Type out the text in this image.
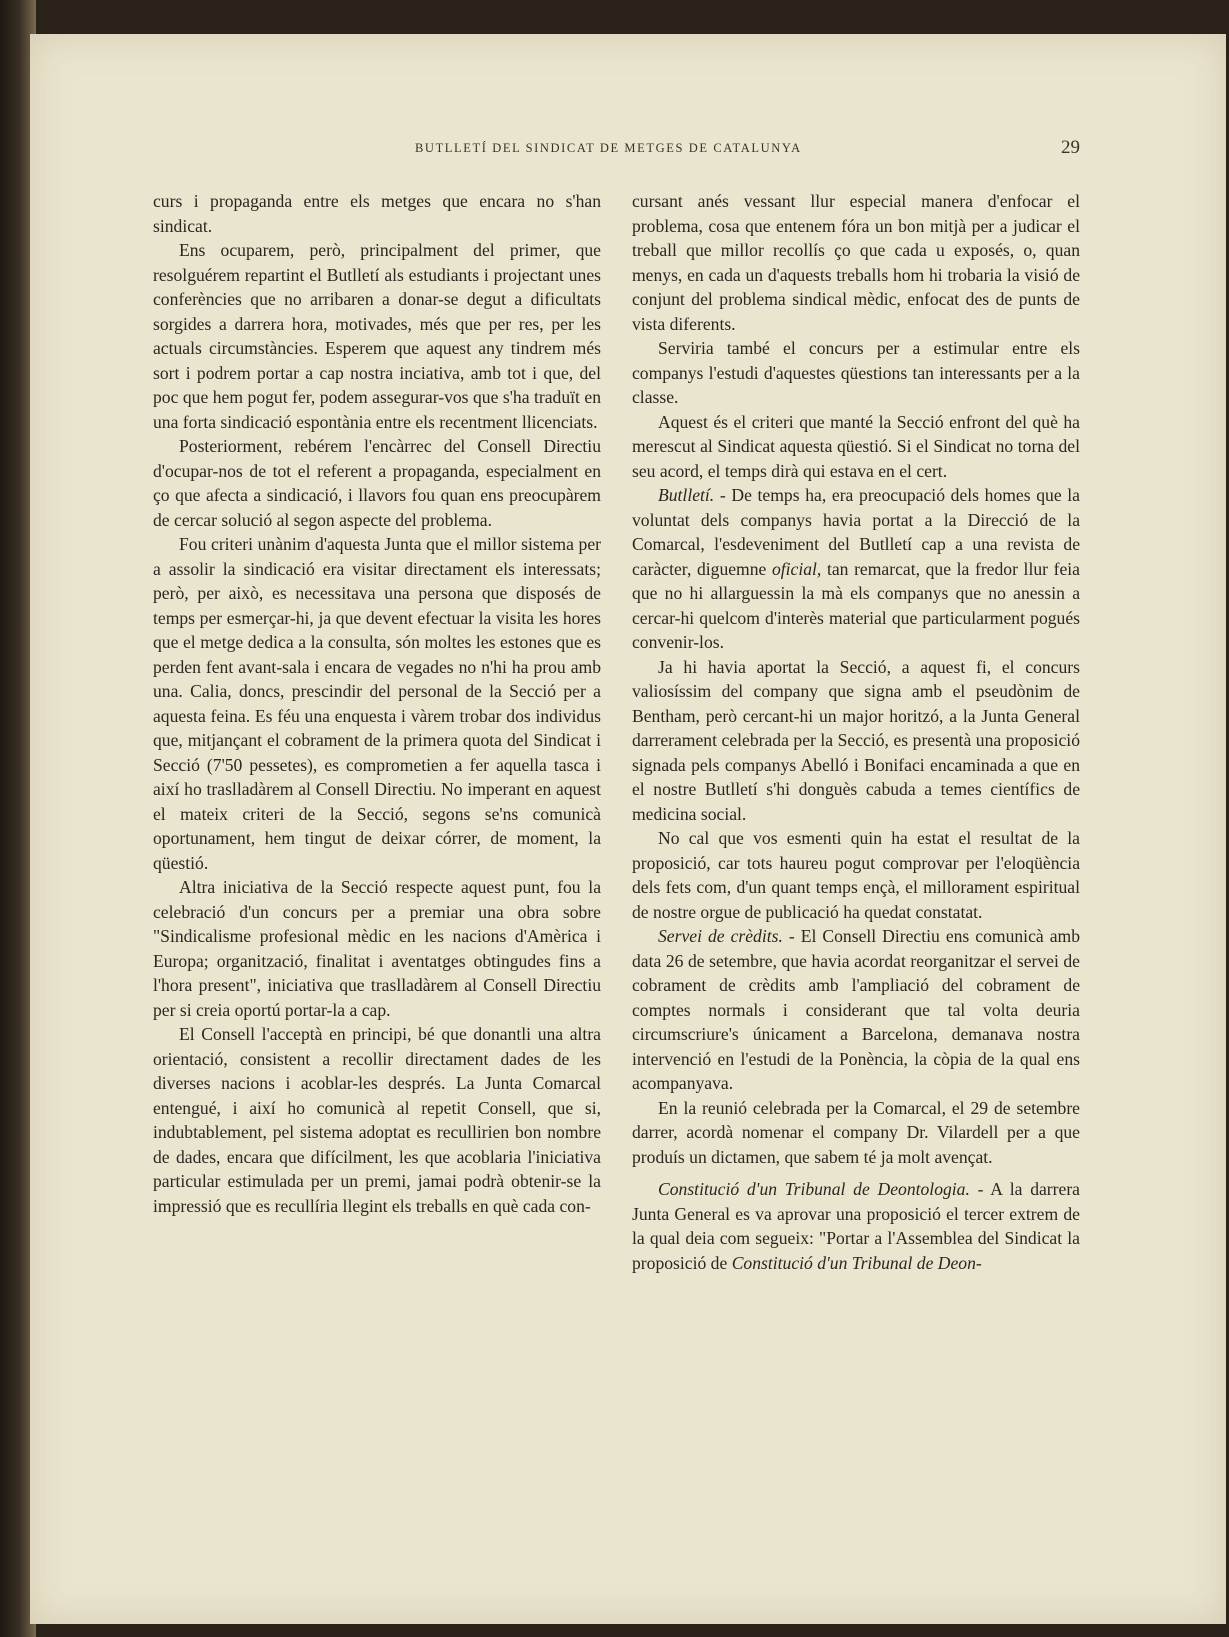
BUTLLETÍ DEL SINDICAT DE METGES DE CATALUNYA	29

curs i propaganda entre els metges que encara no s'han sindicat.

Ens ocuparem, però, principalment del primer, que resolguérem repartint el Butlletí als estudiants i projectant unes conferències que no arribaren a donar-se degut a dificultats sorgides a darrera hora, motivades, més que per res, per les actuals circumstàncies. Esperem que aquest any tindrem més sort i podrem portar a cap nostra inciativa, amb tot i que, del poc que hem pogut fer, podem assegurar-vos que s'ha traduït en una forta sindicació espontània entre els recentment llicenciats.

Posteriorment, rebérem l'encàrrec del Consell Directiu d'ocupar-nos de tot el referent a propaganda, especialment en ço que afecta a sindicació, i llavors fou quan ens preocupàrem de cercar solució al segon aspecte del problema.

Fou criteri unànim d'aquesta Junta que el millor sistema per a assolir la sindicació era visitar directament els interessats; però, per això, es necessitava una persona que disposés de temps per esmerçar-hi, ja que devent efectuar la visita les hores que el metge dedica a la consulta, són moltes les estones que es perden fent avant-sala i encara de vegades no n'hi ha prou amb una. Calia, doncs, prescindir del personal de la Secció per a aquesta feina. Es féu una enquesta i vàrem trobar dos individus que, mitjançant el cobrament de la primera quota del Sindicat i Secció (7'50 pessetes), es comprometien a fer aquella tasca i així ho traslladàrem al Consell Directiu. No imperant en aquest el mateix criteri de la Secció, segons se'ns comunicà oportunament, hem tingut de deixar córrer, de moment, la qüestió.

Altra iniciativa de la Secció respecte aquest punt, fou la celebració d'un concurs per a premiar una obra sobre "Sindicalisme profesional mèdic en les nacions d'Amèrica i Europa; organització, finalitat i aventatges obtingudes fins a l'hora present", iniciativa que traslladàrem al Consell Directiu per si creia oportú portar-la a cap.

El Consell l'acceptà en principi, bé que donantli una altra orientació, consistent a recollir directament dades de les diverses nacions i acoblar-les després. La Junta Comarcal entengué, i així ho comunicà al repetit Consell, que si, indubtablement, pel sistema adoptat es recullirien bon nombre de dades, encara que difícilment, les que acoblaria l'iniciativa particular estimulada per un premi, jamai podrà obtenir-se la impressió que es recullíria llegint els treballs en què cada con-

cursant anés vessant llur especial manera d'enfocar el problema, cosa que entenem fóra un bon mitjà per a judicar el treball que millor recollís ço que cada u exposés, o, quan menys, en cada un d'aquests treballs hom hi trobaria la visió de conjunt del problema sindical mèdic, enfocat des de punts de vista diferents.

Serviria també el concurs per a estimular entre els companys l'estudi d'aquestes qüestions tan interessants per a la classe.

Aquest és el criteri que manté la Secció enfront del què ha merescut al Sindicat aquesta qüestió. Si el Sindicat no torna del seu acord, el temps dirà qui estava en el cert.

Butlletí. - De temps ha, era preocupació dels homes que la voluntat dels companys havia portat a la Direcció de la Comarcal, l'esdeveniment del Butlletí cap a una revista de caràcter, diguemne oficial, tan remarcat, que la fredor llur feia que no hi allarguessin la mà els companys que no anessin a cercar-hi quelcom d'interès material que particularment pogués convenir-los.

Ja hi havia aportat la Secció, a aquest fi, el concurs valiosíssim del company que signa amb el pseudònim de Bentham, però cercant-hi un major horitzó, a la Junta General darrerament celebrada per la Secció, es presentà una proposició signada pels companys Abelló i Bonifaci encaminada a que en el nostre Butlletí s'hi donguès cabuda a temes científics de medicina social.

No cal que vos esmenti quin ha estat el resultat de la proposició, car tots haureu pogut comprovar per l'eloqüència dels fets com, d'un quant temps ençà, el millorament espiritual de nostre orgue de publicació ha quedat constatat.

Servei de crèdits. - El Consell Directiu ens comunicà amb data 26 de setembre, que havia acordat reorganitzar el servei de cobrament de crèdits amb l'ampliació del cobrament de comptes normals i considerant que tal volta deuria circumscriure's únicament a Barcelona, demanava nostra intervenció en l'estudi de la Ponència, la còpia de la qual ens acompanyava.

En la reunió celebrada per la Comarcal, el 29 de setembre darrer, acordà nomenar el company Dr. Vilardell per a que produís un dictamen, que sabem té ja molt avençat.

Constitució d'un Tribunal de Deontologia. - A la darrera Junta General es va aprovar una proposició el tercer extrem de la qual deia com segueix: "Portar a l'Assemblea del Sindicat la proposició de Constitució d'un Tribunal de Deon-
